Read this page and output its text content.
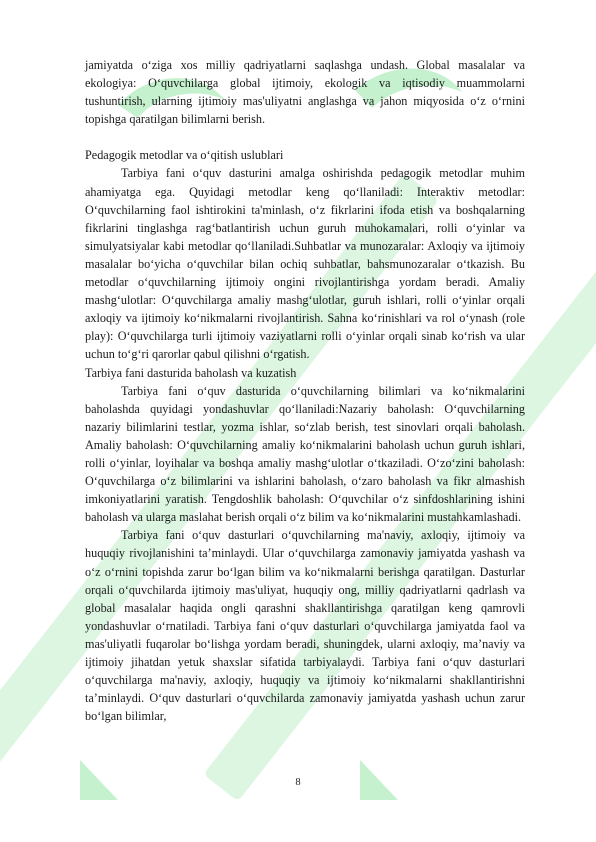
jamiyatda o‘ziga xos milliy qadriyatlarni saqlashga undash. Global masalalar va ekologiya: O‘quvchilarga global ijtimoiy, ekologik va iqtisodiy muammolarni tushuntirish, ularning ijtimoiy mas'uliyatni anglashga va jahon miqyosida o‘z o‘rnini topishga qaratilgan bilimlarni berish.

Pedagogik metodlar va o‘qitish uslublari

Tarbiya fani o‘quv dasturini amalga oshirishda pedagogik metodlar muhim ahamiyatga ega. Quyidagi metodlar keng qo‘llaniladi: Interaktiv metodlar: O‘quvchilarning faol ishtirokini ta'minlash, o‘z fikrlarini ifoda etish va boshqalarning fikrlarini tinglashga rag‘batlantirish uchun guruh muhokamalari, rolli o‘yinlar va simulyatsiyalar kabi metodlar qo‘llaniladi.Suhbatlar va munozaralar: Axloqiy va ijtimoiy masalalar bo‘yicha o‘quvchilar bilan ochiq suhbatlar, bahsmunozaralar o‘tkazish. Bu metodlar o‘quvchilarning ijtimoiy ongini rivojlantirishga yordam beradi. Amaliy mashg‘ulotlar: O‘quvchilarga amaliy mashg‘ulotlar, guruh ishlari, rolli o‘yinlar orqali axloqiy va ijtimoiy ko‘nikmalarni rivojlantirish. Sahna ko‘rinishlari va rol o‘ynash (role play): O‘quvchilarga turli ijtimoiy vaziyatlarni rolli o‘yinlar orqali sinab ko‘rish va ular uchun to‘g‘ri qarorlar qabul qilishni o‘rgatish.

Tarbiya fani dasturida baholash va kuzatish

Tarbiya fani o‘quv dasturida o‘quvchilarning bilimlari va ko‘nikmalarini baholashda quyidagi yondashuvlar qo‘llaniladi:Nazariy baholash: O‘quvchilarning nazariy bilimlarini testlar, yozma ishlar, so‘zlab berish, test sinovlari orqali baholash. Amaliy baholash: O‘quvchilarning amaliy ko‘nikmalarini baholash uchun guruh ishlari, rolli o‘yinlar, loyihalar va boshqa amaliy mashg‘ulotlar o‘tkaziladi. O‘zo‘zini baholash: O‘quvchilarga o‘z bilimlarini va ishlarini baholash, o‘zaro baholash va fikr almashish imkoniyatlarini yaratish. Tengdoshlik baholash: O‘quvchilar o‘z sinfdoshlarining ishini baholash va ularga maslahat berish orqali o‘z bilim va ko‘nikmalarini mustahkamlashadi.

Tarbiya fani o‘quv dasturlari o‘quvchilarning ma'naviy, axloqiy, ijtimoiy va huquqiy rivojlanishini ta’minlaydi. Ular o‘quvchilarga zamonaviy jamiyatda yashash va o‘z o‘rnini topishda zarur bo‘lgan bilim va ko‘nikmalarni berishga qaratilgan. Dasturlar orqali o‘quvchilarda ijtimoiy mas'uliyat, huquqiy ong, milliy qadriyatlarni qadrlash va global masalalar haqida ongli qarashni shakllantirishga qaratilgan keng qamrovli yondashuvlar o‘rnatiladi. Tarbiya fani o‘quv dasturlari o‘quvchilarga jamiyatda faol va mas'uliyatli fuqarolar bo‘lishga yordam beradi, shuningdek, ularni axloqiy, ma’naviy va ijtimoiy jihatdan yetuk shaxslar sifatida tarbiyalaydi. Tarbiya fani o‘quv dasturlari o‘quvchilarga ma'naviy, axloqiy, huquqiy va ijtimoiy ko‘nikmalarni shakllantirishni ta’minlaydi. O‘quv dasturlari o‘quvchilarda zamonaviy jamiyatda yashash uchun zarur bo‘lgan bilimlar,

8
